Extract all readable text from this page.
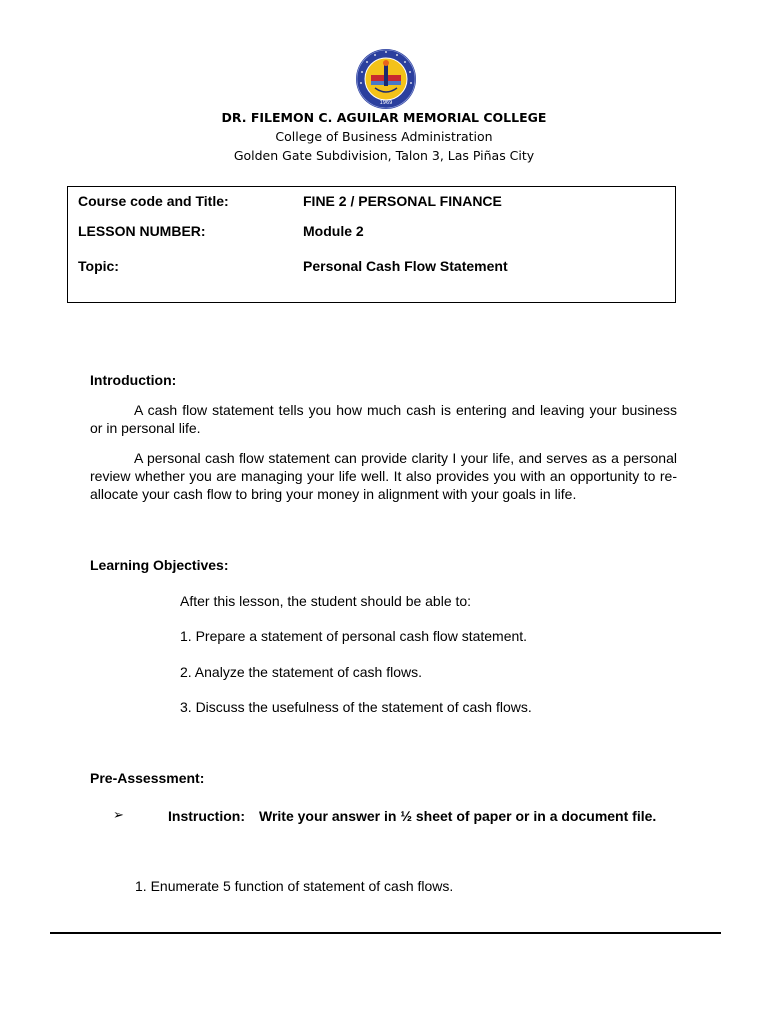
1969
DR. FILEMON C. AGUILAR MEMORIAL COLLEGE
College of Business Administration
Golden Gate Subdivision, Talon 3, Las Piñas City
Course code and Title:	FINE 2 / PERSONAL FINANCE
LESSON NUMBER:	Module 2
Topic:	Personal Cash Flow Statement
Introduction:

A cash flow statement tells you how much cash is entering and leaving your business or in personal life.

A personal cash flow statement can provide clarity I your life, and serves as a personal review whether you are managing your life well. It also provides you with an opportunity to re-allocate your cash flow to bring your money in alignment with your goals in life.

Learning Objectives:
After this lesson, the student should be able to:
1. Prepare a statement of personal cash flow statement.
2. Analyze the statement of cash flows.
3. Discuss the usefulness of the statement of cash flows.
Pre-Assessment:
➢	Instruction: Write your answer in ½ sheet of paper or in a document file.

1. Enumerate 5 function of statement of cash flows.
